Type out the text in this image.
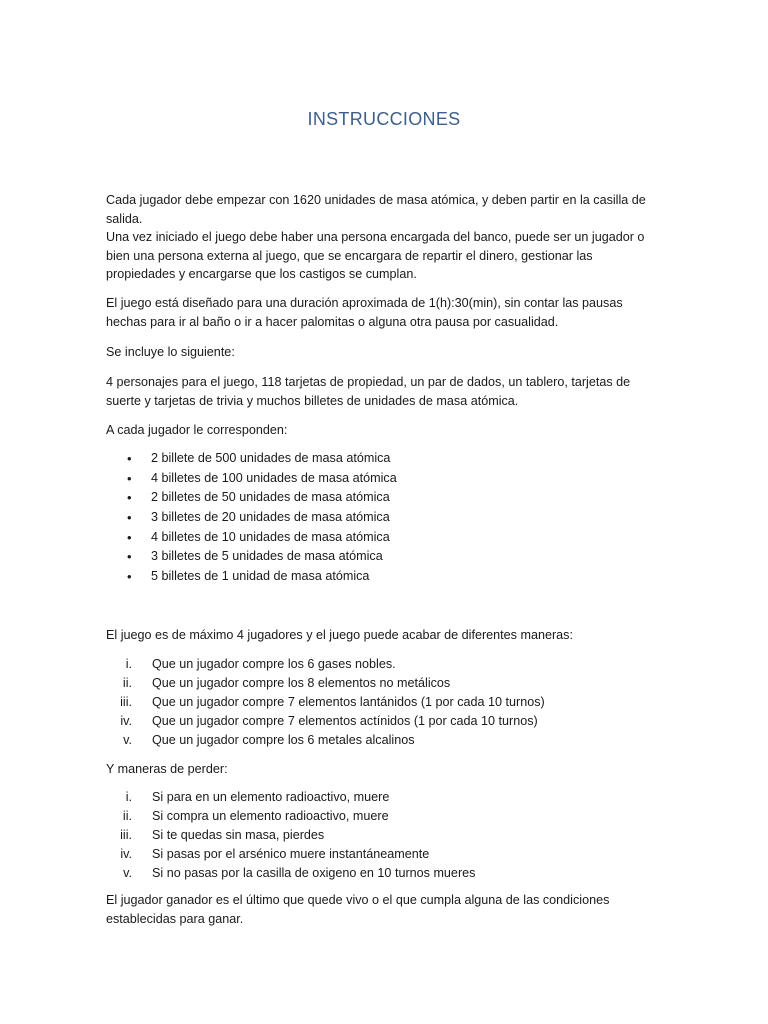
INSTRUCCIONES

Cada jugador debe empezar con 1620 unidades de masa atómica, y deben partir en la casilla de
salida.
Una vez iniciado el juego debe haber una persona encargada del banco, puede ser un jugador o
bien una persona externa al juego, que se encargara de repartir el dinero, gestionar las
propiedades y encargarse que los castigos se cumplan.

El juego está diseñado para una duración aproximada de 1(h):30(min), sin contar las pausas
hechas para ir al baño o ir a hacer palomitas o alguna otra pausa por casualidad.

Se incluye lo siguiente:

4 personajes para el juego, 118 tarjetas de propiedad, un par de dados, un tablero, tarjetas de
suerte y tarjetas de trivia y muchos billetes de unidades de masa atómica.

A cada jugador le corresponden:

• 2 billete de 500 unidades de masa atómica
• 4 billetes de 100 unidades de masa atómica
• 2 billetes de 50 unidades de masa atómica
• 3 billetes de 20 unidades de masa atómica
• 4 billetes de 10 unidades de masa atómica
• 3 billetes de 5 unidades de masa atómica
• 5 billetes de 1 unidad de masa atómica

El juego es de máximo 4 jugadores y el juego puede acabar de diferentes maneras:

i. Que un jugador compre los 6 gases nobles.
ii. Que un jugador compre los 8 elementos no metálicos
iii. Que un jugador compre 7 elementos lantánidos (1 por cada 10 turnos)
iv. Que un jugador compre 7 elementos actínidos (1 por cada 10 turnos)
v. Que un jugador compre los 6 metales alcalinos

Y maneras de perder:

i. Si para en un elemento radioactivo, muere
ii. Si compra un elemento radioactivo, muere
iii. Si te quedas sin masa, pierdes
iv. Si pasas por el arsénico muere instantáneamente
v. Si no pasas por la casilla de oxigeno en 10 turnos mueres

El jugador ganador es el último que quede vivo o el que cumpla alguna de las condiciones
establecidas para ganar.
